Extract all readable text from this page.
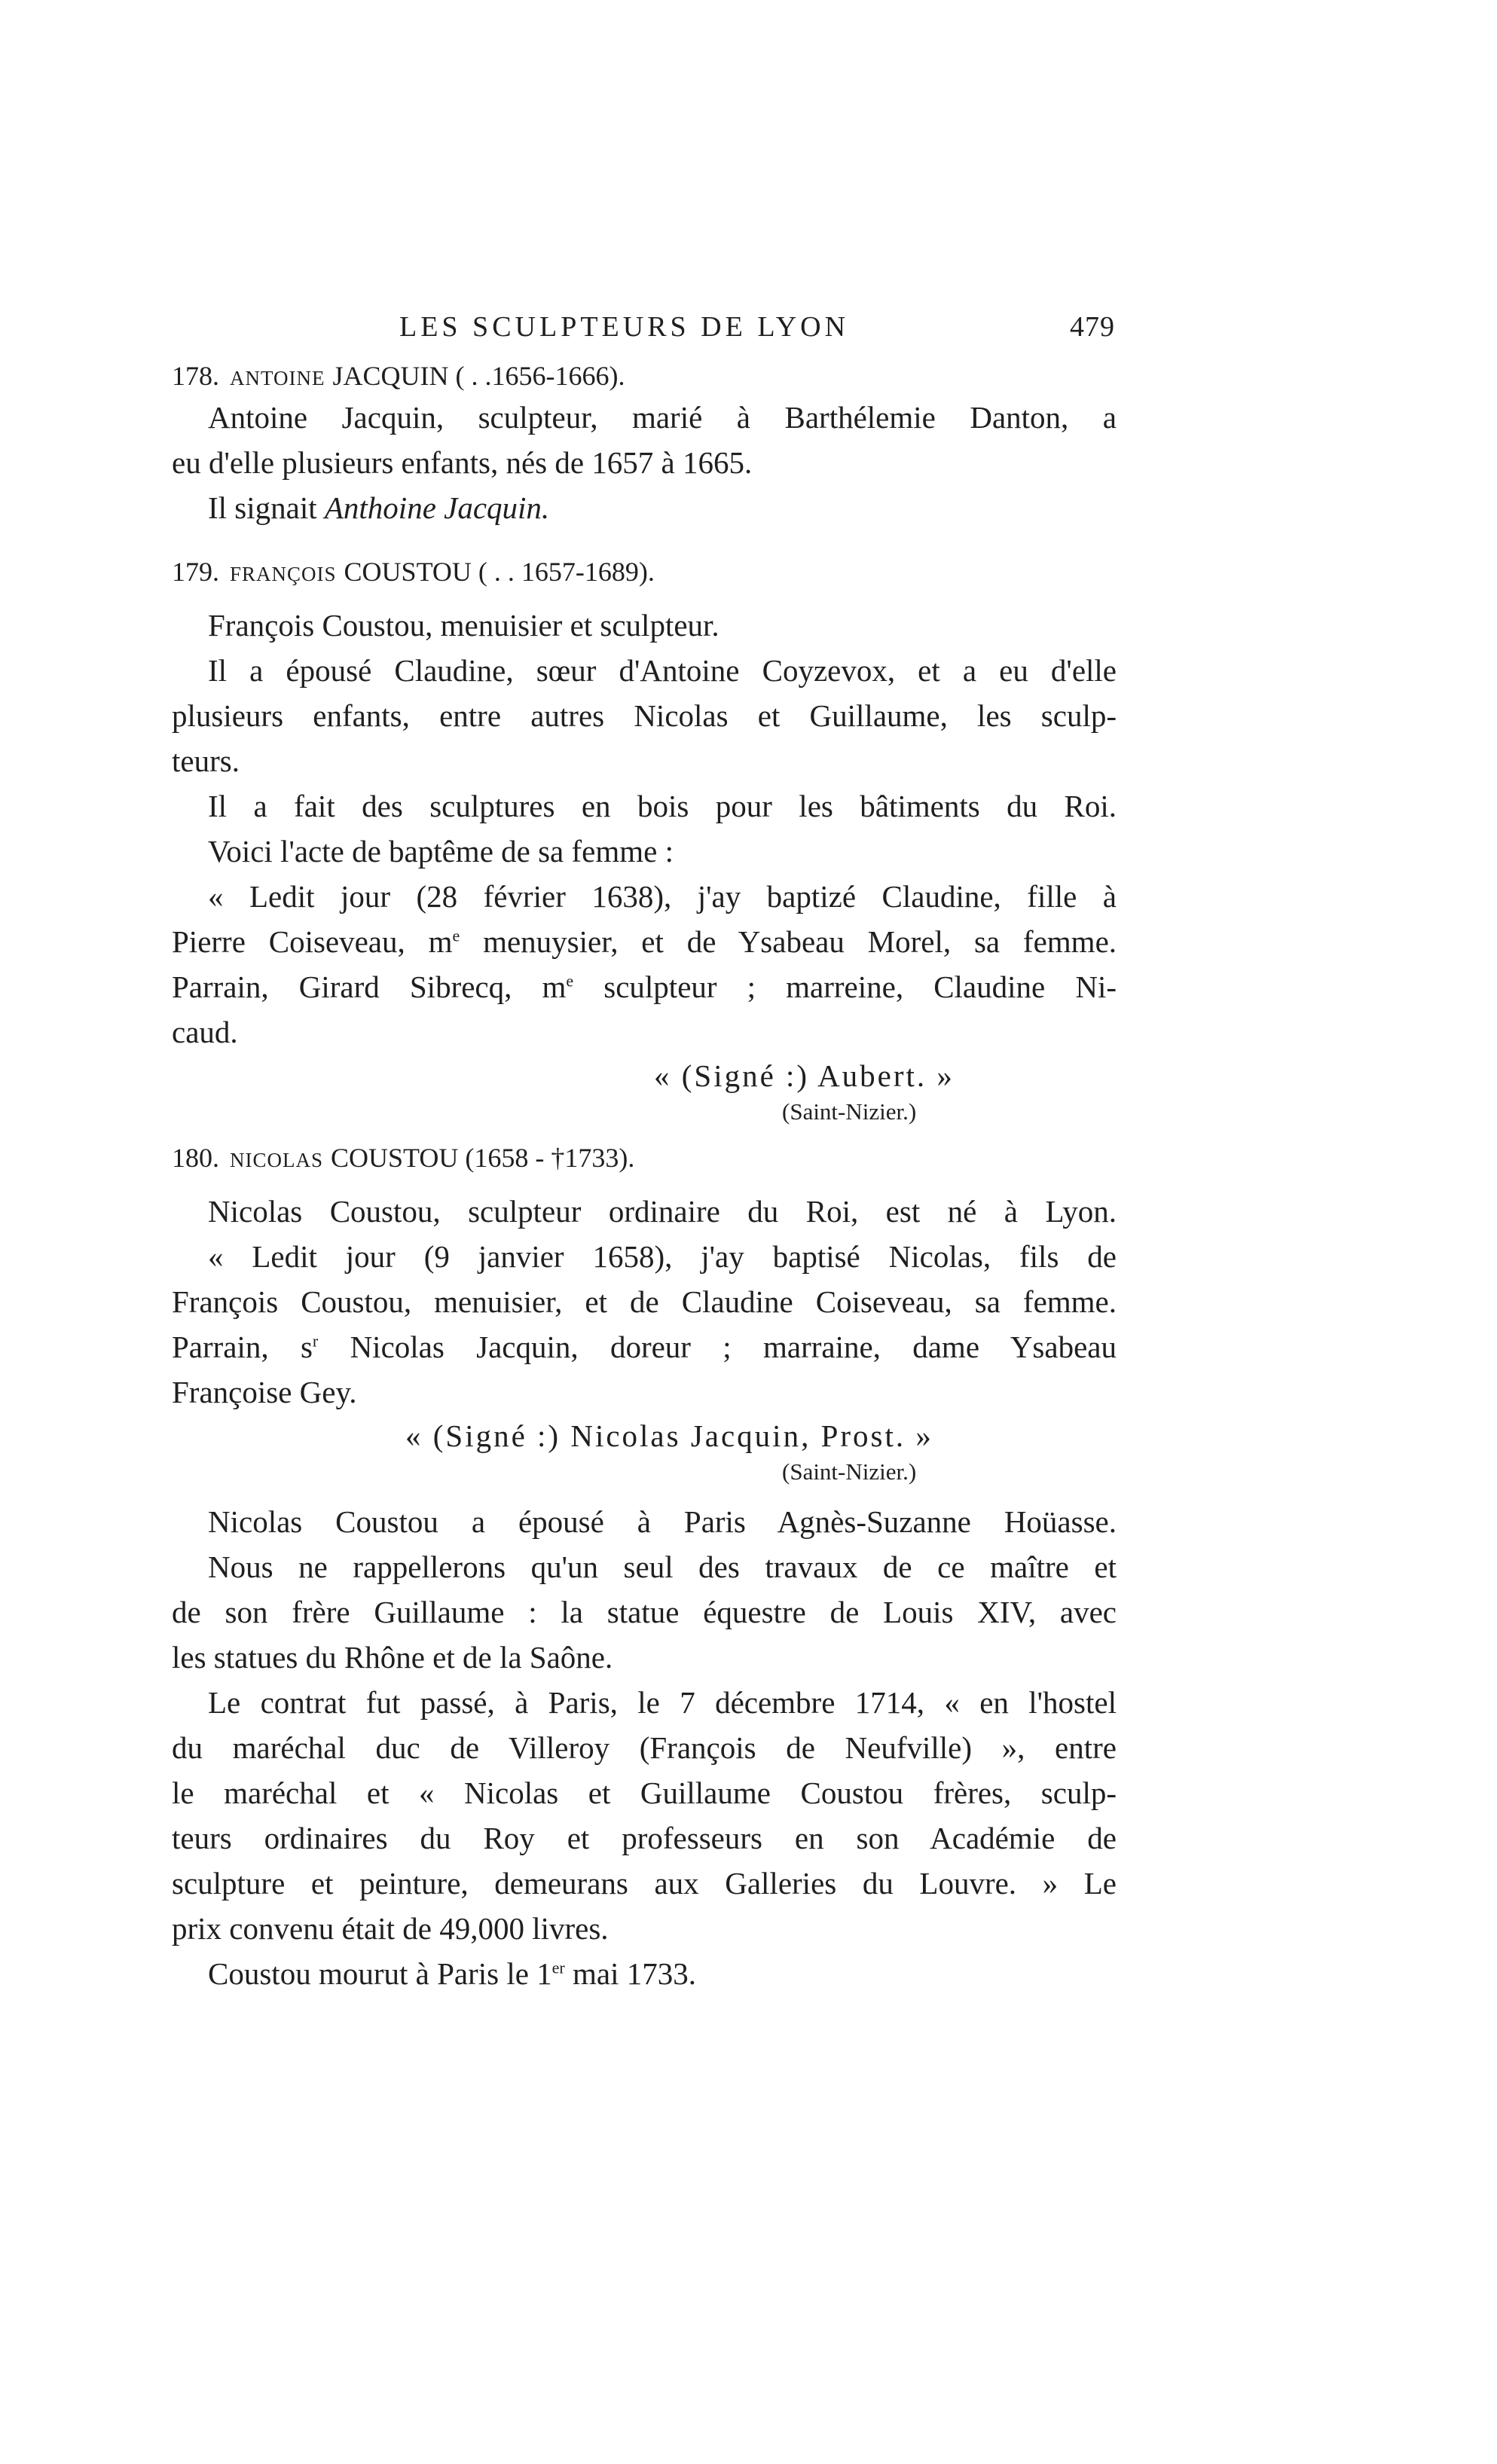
LES SCULPTEURS DE LYON	479

178. ANTOINE JACQUIN ( . .1656-1666).

Antoine Jacquin, sculpteur, marié à Barthélemie Danton, a

eu d'elle plusieurs enfants, nés de 1657 à 1665.

Il signait Anthoine Jacquin.

179. FRANÇOIS COUSTOU ( . . 1657-1689).

François Coustou, menuisier et sculpteur.

Il a épousé Claudine, sœur d'Antoine Coyzevox, et a eu d'elle

plusieurs enfants, entre autres Nicolas et Guillaume, les sculp-

teurs.

Il a fait des sculptures en bois pour les bâtiments du Roi.

Voici l'acte de baptême de sa femme :

« Ledit jour (28 février 1638), j'ay baptizé Claudine, fille à

Pierre Coiseveau, $m^e$ menuysier, et de Ysabeau Morel, sa femme.

Parrain, Girard Sibrecq, $m^e$ sculpteur ; marreine, Claudine Ni-

caud.

« (Signé :) Aubert. »

(Saint-Nizier.)

180. NICOLAS COUSTOU (1658 - †1733).

Nicolas Coustou, sculpteur ordinaire du Roi, est né à Lyon.

« Ledit jour (9 janvier 1658), j'ay baptisé Nicolas, fils de

François Coustou, menuisier, et de Claudine Coiseveau, sa femme.

Parrain, $s^r$ Nicolas Jacquin, doreur ; marraine, dame Ysabeau

Françoise Gey.

« (Signé :) Nicolas Jacquin, Prost. »

(Saint-Nizier.)

Nicolas Coustou a épousé à Paris Agnès-Suzanne Hoüasse.

Nous ne rappellerons qu'un seul des travaux de ce maître et

de son frère Guillaume : la statue équestre de Louis XIV, avec

les statues du Rhône et de la Saône.

Le contrat fut passé, à Paris, le 7 décembre 1714, « en l'hostel

du maréchal duc de Villeroy (François de Neufville) », entre

le maréchal et « Nicolas et Guillaume Coustou frères, sculp-

teurs ordinaires du Roy et professeurs en son Académie de

sculpture et peinture, demeurans aux Galleries du Louvre. » Le

prix convenu était de 49,000 livres.

Coustou mourut à Paris le 1er mai 1733.
